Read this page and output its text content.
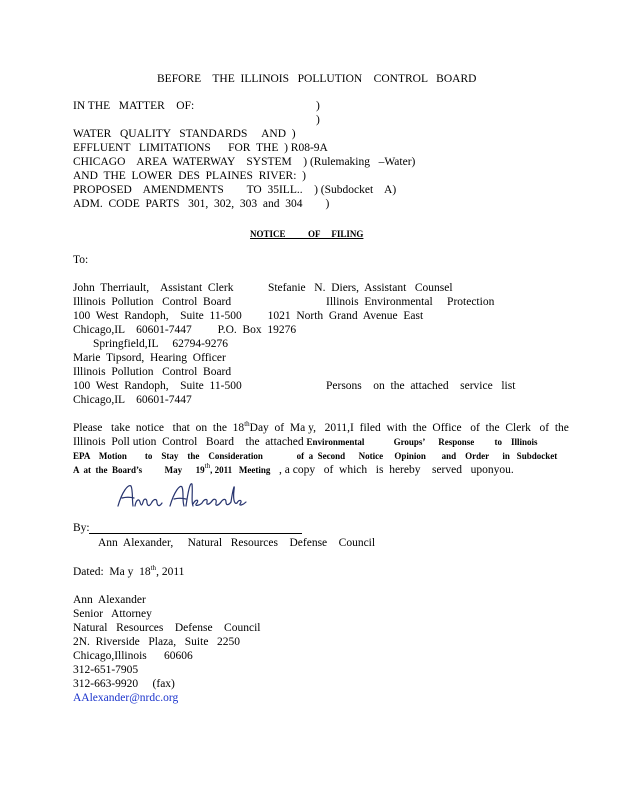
BEFORE    THE  ILLINOIS   POLLUTION    CONTROL   BOARD
IN THE   MATTER    OF:	)
)
WATER   QUALITY   STANDARDS     AND  )
EFFLUENT   LIMITATIONS      FOR  THE  ) R08-9A
CHICAGO    AREA  WATERWAY    SYSTEM    ) (Rulemaking   –Water)
AND  THE  LOWER  DES  PLAINES  RIVER:  )
PROPOSED    AMENDMENTS        TO  35ILL..    ) (Subdocket    A)
ADM.  CODE  PARTS   301,  302,  303  and  304        )
NOTICE          OF     FILING
To:
John  Therriault,    Assistant  Clerk            Stefanie   N.  Diers,  Assistant   Counsel
Illinois  Pollution   Control  Board	Illinois  Environmental     Protection
100  West  Randoph,    Suite  11-500         1021  North  Grand  Avenue  East
Chicago,IL    60601-7447         P.O.  Box  19276
Springfield,IL     62794-9276
Marie  Tipsord,  Hearing  Officer
Illinois  Pollution   Control  Board
100  West  Randoph,    Suite  11-500	Persons    on  the  attached    service   list
Chicago,IL    60601-7447
Please   take  notice   that  on  the  18thDay  of  Ma y,   2011,I  filed  with  the  Office   of  the  Clerk   of  the
Illinois  Poll ution  Control   Board    the  attached Environmental             Groups’      Response         to    Illinois
EPA    Motion        to    Stay    the    Consideration               of  a  Second      Notice     Opinion       and    Order      in   Subdocket
A  at  the  Board’s          May      19th, 2011   Meeting   , a copy   of  which   is  hereby    served   uponyou.
By:
Ann  Alexander,     Natural   Resources    Defense    Council
Dated:  Ma y  18th, 2011
Ann  Alexander
Senior   Attorney
Natural   Resources    Defense    Council
2N.  Riverside   Plaza,   Suite   2250
Chicago,Illinois      60606
312-651-7905
312-663-9920     (fax)
AAlexander@nrdc.org
